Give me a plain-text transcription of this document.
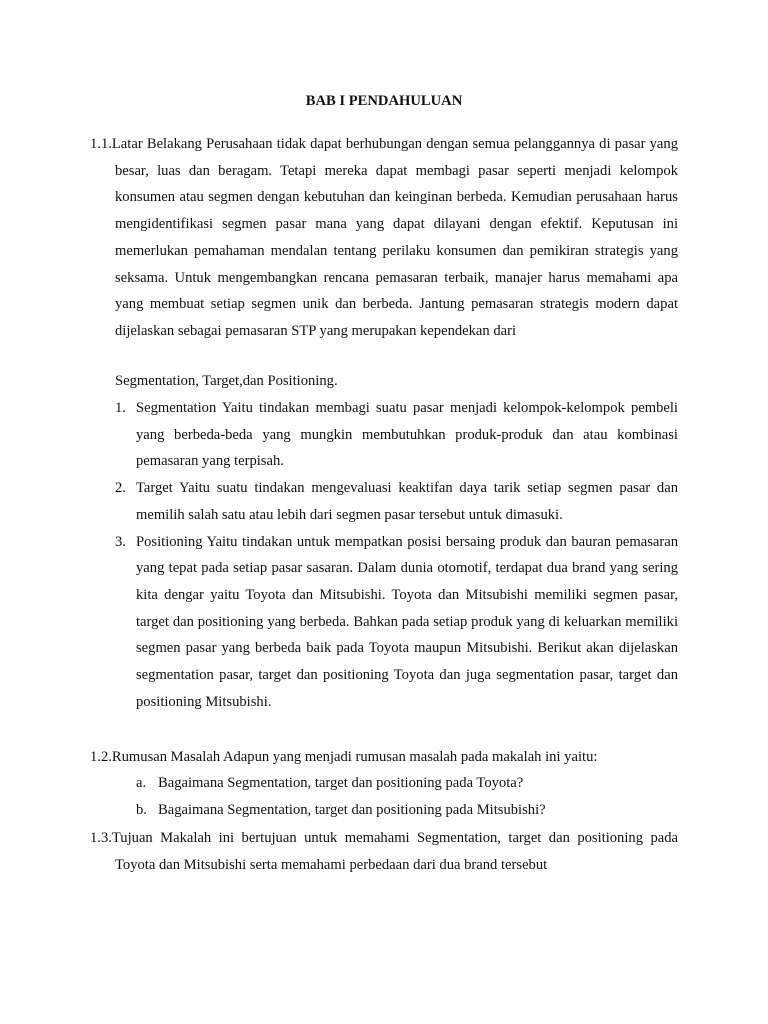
BAB I PENDAHULUAN

1.1.Latar Belakang Perusahaan tidak dapat berhubungan dengan semua pelanggannya di pasar yang besar, luas dan beragam. Tetapi mereka dapat membagi pasar seperti menjadi kelompok konsumen atau segmen dengan kebutuhan dan keinginan berbeda. Kemudian perusahaan harus mengidentifikasi segmen pasar mana yang dapat dilayani dengan efektif. Keputusan ini memerlukan pemahaman mendalan tentang perilaku konsumen dan pemikiran strategis yang seksama. Untuk mengembangkan rencana pemasaran terbaik, manajer harus memahami apa yang membuat setiap segmen unik dan berbeda. Jantung pemasaran strategis modern dapat dijelaskan sebagai pemasaran STP yang merupakan kependekan dari

Segmentation, Target,dan Positioning.
1. Segmentation Yaitu tindakan membagi suatu pasar menjadi kelompok-kelompok pembeli yang berbeda-beda yang mungkin membutuhkan produk-produk dan atau kombinasi pemasaran yang terpisah.
2. Target Yaitu suatu tindakan mengevaluasi keaktifan daya tarik setiap segmen pasar dan memilih salah satu atau lebih dari segmen pasar tersebut untuk dimasuki.
3. Positioning Yaitu tindakan untuk mempatkan posisi bersaing produk dan bauran pemasaran yang tepat pada setiap pasar sasaran. Dalam dunia otomotif, terdapat dua brand yang sering kita dengar yaitu Toyota dan Mitsubishi. Toyota dan Mitsubishi memiliki segmen pasar, target dan positioning yang berbeda. Bahkan pada setiap produk yang di keluarkan memiliki segmen pasar yang berbeda baik pada Toyota maupun Mitsubishi. Berikut akan dijelaskan segmentation pasar, target dan positioning Toyota dan juga segmentation pasar, target dan positioning Mitsubishi.

1.2.Rumusan Masalah Adapun yang menjadi rumusan masalah pada makalah ini yaitu:

a. Bagaimana Segmentation, target dan positioning pada Toyota?
b. Bagaimana Segmentation, target dan positioning pada Mitsubishi?

1.3.Tujuan Makalah ini bertujuan untuk memahami Segmentation, target dan positioning pada Toyota dan Mitsubishi serta memahami perbedaan dari dua brand tersebut
